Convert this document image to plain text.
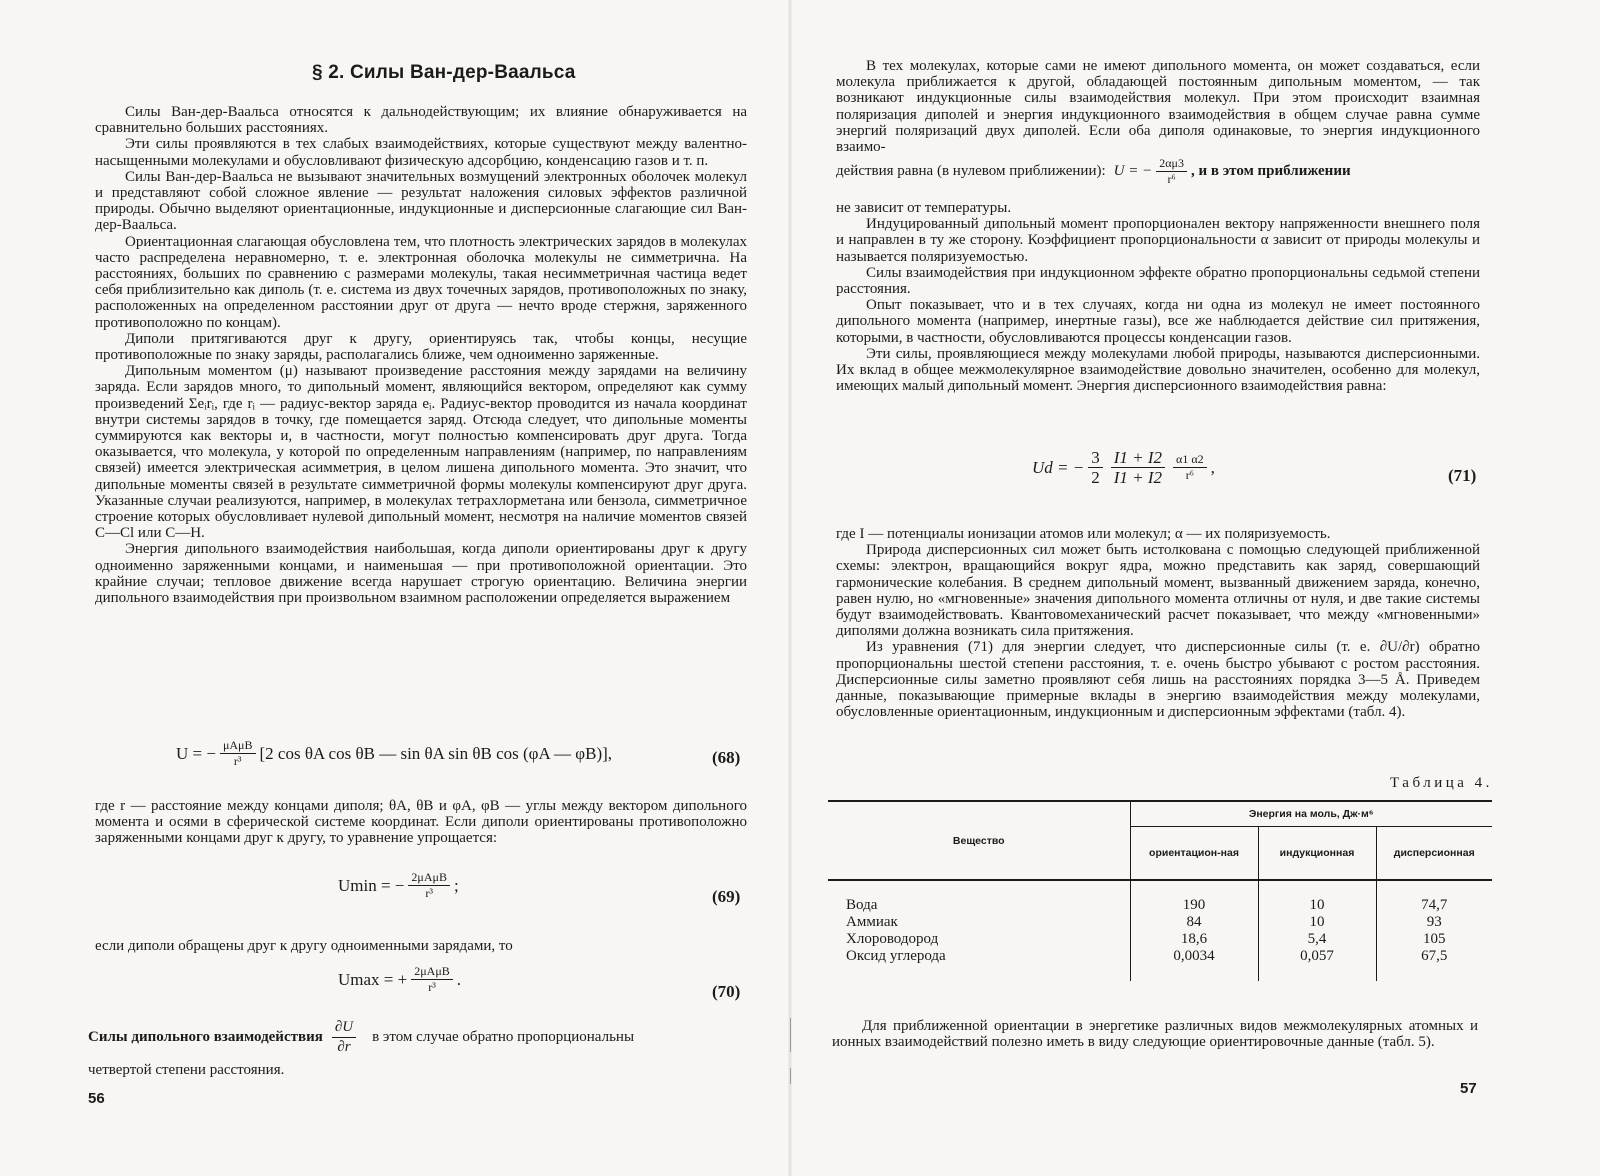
§ 2. Силы Ван-дер-Ваальса

Силы Ван-дер-Ваальса относятся к дальнодействующим; их влияние обнаруживается на сравнительно больших расстояниях.

Эти силы проявляются в тех слабых взаимодействиях, которые существуют между валентно-насыщенными молекулами и обусловливают физическую адсорбцию, конденсацию газов и т. п.

Силы Ван-дер-Ваальса не вызывают значительных возмущений электронных оболочек молекул и представляют собой сложное явление — результат наложения силовых эффектов различной природы. Обычно выделяют ориентационные, индукционные и дисперсионные слагающие сил Ван-дер-Ваальса.

Ориентационная слагающая обусловлена тем, что плотность электрических зарядов в молекулах часто распределена неравномерно, т. е. электронная оболочка молекулы не симметрична. На расстояниях, больших по сравнению с размерами молекулы, такая несимметричная частица ведет себя приблизительно как диполь (т. е. система из двух точечных зарядов, противоположных по знаку, расположенных на определенном расстоянии друг от друга — нечто вроде стержня, заряженного противоположно по концам).

Диполи притягиваются друг к другу, ориентируясь так, чтобы концы, несущие противоположные по знаку заряды, располагались ближе, чем одноименно заряженные.

Дипольным моментом (μ) называют произведение расстояния между зарядами на величину заряда. Если зарядов много, то дипольный момент, являющийся вектором, определяют как сумму произведений Σeᵢrᵢ, где rᵢ — радиус-вектор заряда eᵢ. Радиус-вектор проводится из начала координат внутри системы зарядов в точку, где помещается заряд. Отсюда следует, что дипольные моменты суммируются как векторы и, в частности, могут полностью компенсировать друг друга. Тогда оказывается, что молекула, у которой по определенным направлениям (например, по направлениям связей) имеется электрическая асимметрия, в целом лишена дипольного момента. Это значит, что дипольные моменты связей в результате симметричной формы молекулы компенсируют друг друга. Указанные случаи реализуются, например, в молекулах тетрахлорметана или бензола, симметричное строение которых обусловливает нулевой дипольный момент, несмотря на наличие моментов связей C—Cl или C—H.

Энергия дипольного взаимодействия наибольшая, когда диполи ориентированы друг к другу одноименно заряженными концами, и наименьшая — при противоположной ориентации. Это крайние случаи; тепловое движение всегда нарушает строгую ориентацию. Величина энергии дипольного взаимодействия при произвольном взаимном расположении определяется выражением

U = − $\frac{\text{μAμB}}{\text{r³}} [2$ cos θA cos θB — sin θA sin θB cos (φA — φB)],	(68)

где r — расстояние между концами диполя; θA, θB и φA, φB — углы между вектором дипольного момента и осями в сферической системе координат. Если диполи ориентированы противоположно заряженными концами друг к другу, то уравнение упрощается:

Umin = − $\frac{\text{2μAμB}}{\text{r³}}$ ;
(69)

если диполи обращены друг к другу одноименными зарядами, то

Umax = + $\frac{\text{2μAμB}}{\text{r³}}$ .
(70)
Силы дипольного взаимодействия $\frac{\partial U}{\partial r}$ в этом случае обратно пропорциональны
четвертой степени расстояния.
56

В тех молекулах, которые сами не имеют дипольного момента, он может создаваться, если молекула приближается к другой, обладающей постоянным дипольным моментом, — так возникают индукционные силы взаимодействия молекул. При этом происходит взаимная поляризация диполей и энергия индукционного взаимодействия в общем случае равна сумме энергий поляризаций двух диполей. Если оба диполя одинаковые, то энергия индукционного взаимо-

действия равна (в нулевом приближении): U = − $\frac{2\alpha\mu 3}{\text{r⁶}}$ , и в этом приближении

не зависит от температуры.

Индуцированный дипольный момент пропорционален вектору напряженности внешнего поля и направлен в ту же сторону. Коэффициент пропорциональности α зависит от природы молекулы и называется поляризуемостью.

Силы взаимодействия при индукционном эффекте обратно пропорциональны седьмой степени расстояния.

Опыт показывает, что и в тех случаях, когда ни одна из молекул не имеет постоянного дипольного момента (например, инертные газы), все же наблюдается действие сил притяжения, которыми, в частности, обусловливаются процессы конденсации газов.

Эти силы, проявляющиеся между молекулами любой природы, называются дисперсионными. Их вклад в общее межмолекулярное взаимодействие довольно значителен, особенно для молекул, имеющих малый дипольный момент. Энергия дисперсионного взаимодействия равна:

Ud = − $\frac{3}{2} \frac{I1 + I2}{I1 + I2} \frac{\alpha 1 \alpha 2}{\text{r⁶}}$ ,	(71)

где I — потенциалы ионизации атомов или молекул; α — их поляризуемость.

Природа дисперсионных сил может быть истолкована с помощью следующей приближенной схемы: электрон, вращающийся вокруг ядра, можно представить как заряд, совершающий гармонические колебания. В среднем дипольный момент, вызванный движением заряда, конечно, равен нулю, но «мгновенные» значения дипольного момента отличны от нуля, и две такие системы будут взаимодействовать. Квантовомеханический расчет показывает, что между «мгновенными» диполями должна возникать сила притяжения.

Из уравнения (71) для энергии следует, что дисперсионные силы (т. е. ∂U/∂r) обратно пропорциональны шестой степени расстояния, т. е. очень быстро убывают с ростом расстояния. Дисперсионные силы заметно проявляют себя лишь на расстояниях порядка 3—5 Å. Приведем данные, показывающие примерные вклады в энергию взаимодействия между молекулами, обусловленные ориентационным, индукционным и дисперсионным эффектами (табл. 4).

Таблица 4.
Вещество	Энергия на моль, Дж·м⁶		
	ориентацион-ная	индукционная	дисперсионная

Вода	190	10	74,7
Аммиак	84	10	93
Хлороводород	18,6	5,4	105
Оксид углерода	0,0034	0,057	67,5

Для приближенной ориентации в энергетике различных видов межмолекулярных атомных и ионных взаимодействий полезно иметь в виду следующие ориентировочные данные (табл. 5).

57
